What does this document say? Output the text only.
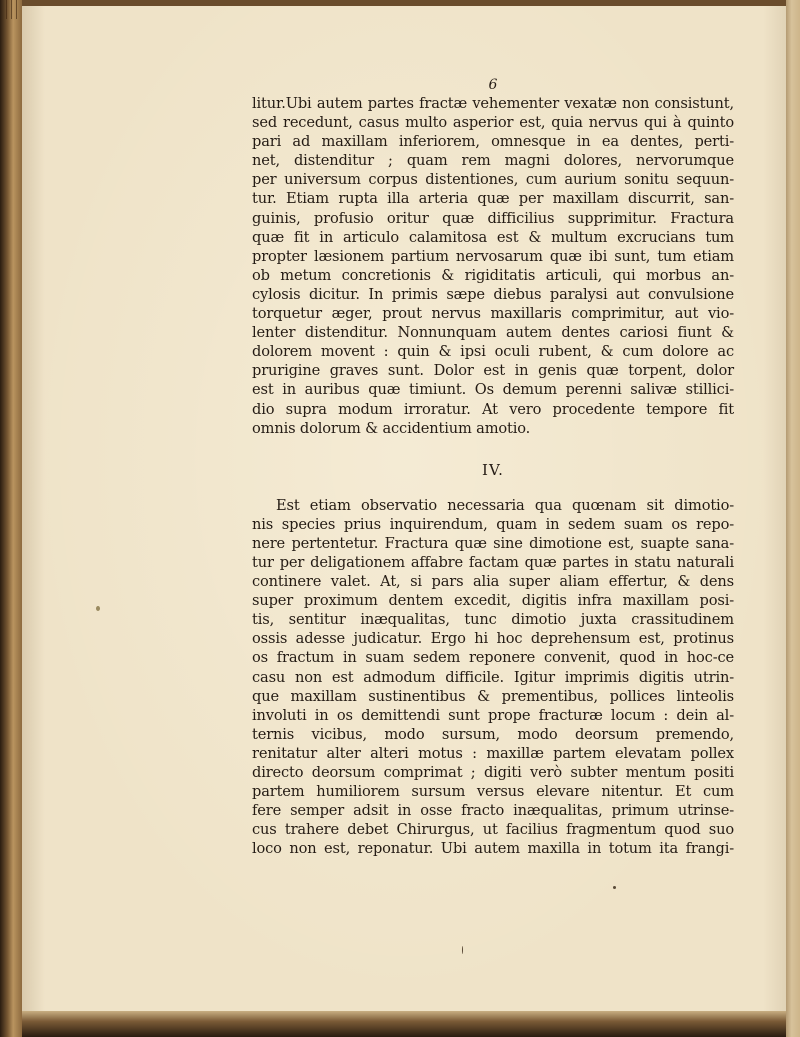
6
litur.Ubi autem partes fractæ vehementer vexatæ non consistunt,
sed recedunt, casus multo asperior est, quia nervus qui à quinto
pari ad maxillam inferiorem, omnesque in ea dentes, perti-
net, distenditur ; quam rem magni dolores, nervorumque
per universum corpus distentiones, cum aurium sonitu sequun-
tur. Etiam rupta illa arteria quæ per maxillam discurrit, san-
guinis, profusio oritur quæ difficilius supprimitur. Fractura
quæ fit in articulo calamitosa est & multum excrucians tum
propter læsionem partium nervosarum quæ ibi sunt, tum etiam
ob metum concretionis & rigiditatis articuli, qui morbus an-
cylosis dicitur. In primis sæpe diebus paralysi aut convulsione
torquetur æger, prout nervus maxillaris comprimitur, aut vio-
lenter distenditur. Nonnunquam autem dentes cariosi fiunt &
dolorem movent : quin & ipsi oculi rubent, & cum dolore ac
prurigine graves sunt. Dolor est in genis quæ torpent, dolor
est in auribus quæ timiunt. Os demum perenni salivæ stillici-
dio supra modum irroratur. At vero procedente tempore fit
omnis dolorum & accidentium amotio.
IV.
Est etiam observatio necessaria qua quœnam sit dimotio-
nis species prius inquirendum, quam in sedem suam os repo-
nere pertentetur. Fractura quæ sine dimotione est, suapte sana-
tur per deligationem affabre factam quæ partes in statu naturali
continere valet. At, si pars alia super aliam effertur, & dens
super proximum dentem excedit, digitis infra maxillam posi-
tis, sentitur inæqualitas, tunc dimotio juxta crassitudinem
ossis adesse judicatur. Ergo hi hoc deprehensum est, protinus
os fractum in suam sedem reponere convenit, quod in hoc-ce
casu non est admodum difficile. Igitur imprimis digitis utrin-
que maxillam sustinentibus & prementibus, pollices linteolis
involuti in os demittendi sunt prope fracturæ locum : dein al-
ternis vicibus, modo sursum, modo deorsum premendo,
renitatur alter alteri motus : maxillæ partem elevatam pollex
directo deorsum comprimat ; digiti verò subter mentum positi
partem humiliorem sursum versus elevare nitentur. Et cum
fere semper adsit in osse fracto inæqualitas, primum utrinse-
cus trahere debet Chirurgus, ut facilius fragmentum quod suo
loco non est, reponatur. Ubi autem maxilla in totum ita frangi-
